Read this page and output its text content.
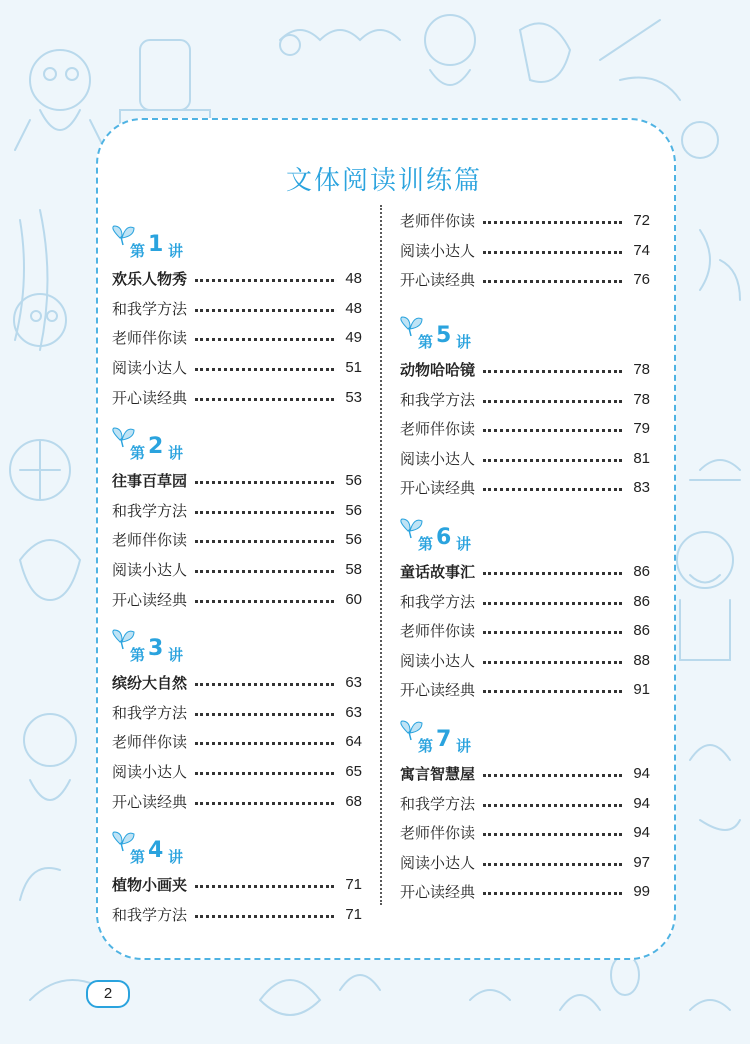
文体阅读训练篇
第 1 讲
欢乐人物秀	48
和我学方法	48
老师伴你读	49
阅读小达人	51
开心读经典	53
第 2 讲
往事百草园	56
和我学方法	56
老师伴你读	56
阅读小达人	58
开心读经典	60
第 3 讲
缤纷大自然	63
和我学方法	63
老师伴你读	64
阅读小达人	65
开心读经典	68
第 4 讲
植物小画夹	71
和我学方法	71
老师伴你读	72
阅读小达人	74
开心读经典	76
第 5 讲
动物哈哈镜	78
和我学方法	78
老师伴你读	79
阅读小达人	81
开心读经典	83
第 6 讲
童话故事汇	86
和我学方法	86
老师伴你读	86
阅读小达人	88
开心读经典	91
第 7 讲
寓言智慧屋	94
和我学方法	94
老师伴你读	94
阅读小达人	97
开心读经典	99
2
